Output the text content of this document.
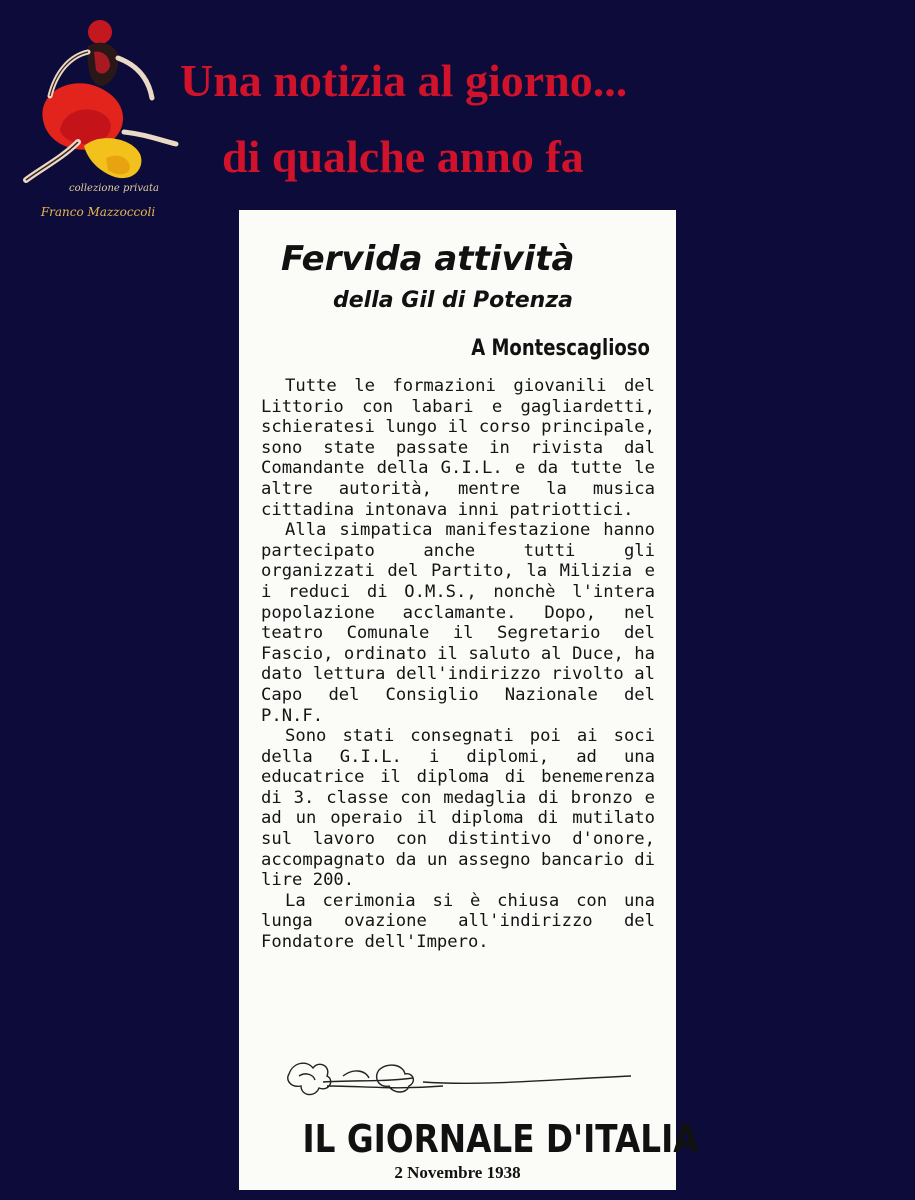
collezione privata
Franco Mazzoccoli
Una notizia al giorno...
di qualche anno fa
Fervida attività
della Gil di Potenza
A Montescaglioso

Tutte le formazioni giovanili del Littorio con labari e gagliardetti, schieratesi lungo il corso principale, sono state passate in rivista dal Comandante della G.I.L. e da tutte le altre autorità, mentre la musica cittadina intonava inni patriottici.

Alla simpatica manifestazione hanno partecipato anche tutti gli organizzati del Partito, la Milizia e i reduci di O.M.S., nonchè l'intera popolazione acclamante. Dopo, nel teatro Comunale il Segretario del Fascio, ordinato il saluto al Duce, ha dato lettura dell'indirizzo rivolto al Capo del Consiglio Nazionale del P.N.F.

Sono stati consegnati poi ai soci della G.I.L. i diplomi, ad una educatrice il diploma di benemerenza di 3. classe con medaglia di bronzo e ad un operaio il diploma di mutilato sul lavoro con distintivo d'onore, accompagnato da un assegno bancario di lire 200.

La cerimonia si è chiusa con una lunga ovazione all'indirizzo del Fondatore dell'Impero.

IL GIORNALE D'ITALIA
2 Novembre 1938
